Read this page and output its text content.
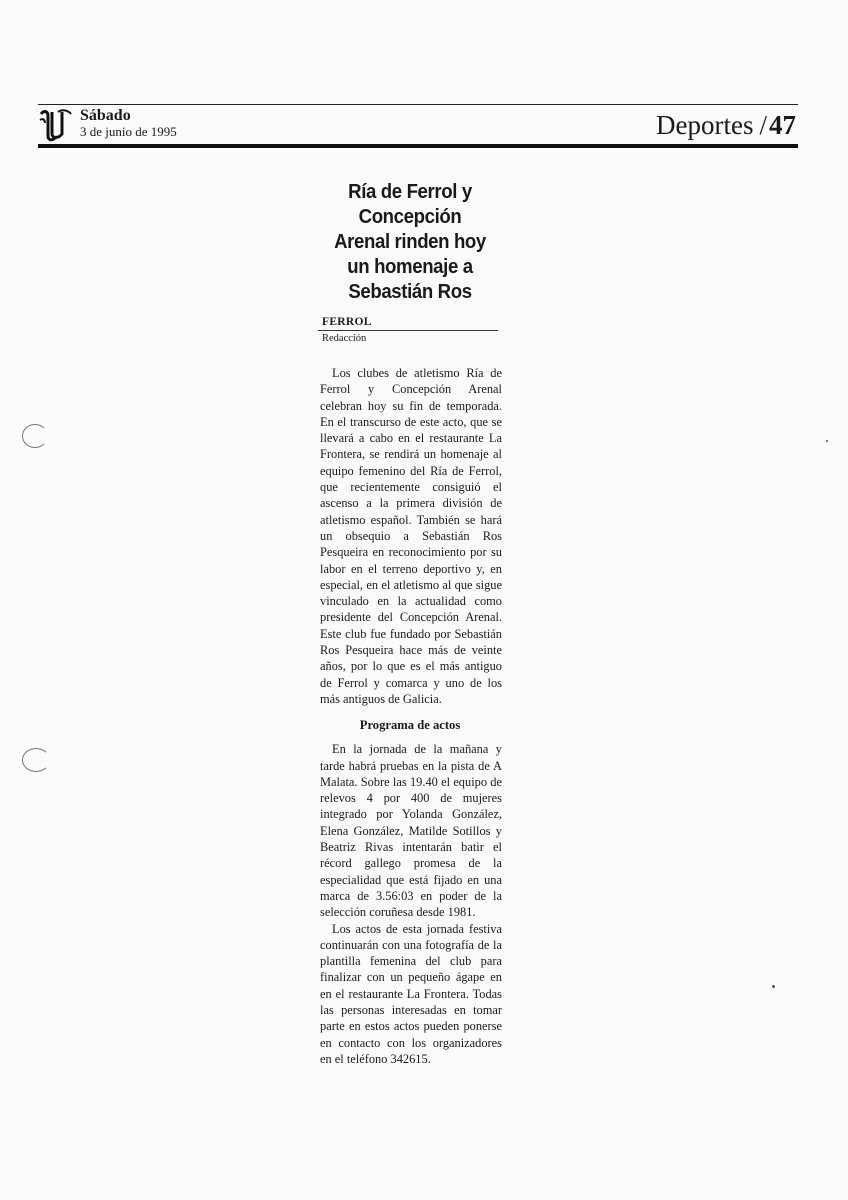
Sábado
3 de junio de 1995	Deportes /47
Ría de Ferrol y
Concepción
Arenal rinden hoy
un homenaje a
Sebastián Ros
FERROL
Redacción

Los clubes de atletismo Ría de Ferrol y Concepción Arenal celebran hoy su fin de temporada. En el transcurso de este acto, que se llevará a cabo en el restaurante La Frontera, se rendirá un homenaje al equipo femenino del Ría de Ferrol, que recientemente consiguió el ascenso a la primera división de atletismo español. También se hará un obsequio a Sebastián Ros Pesqueira en reconocimiento por su labor en el terreno deportivo y, en especial, en el atletismo al que sigue vinculado en la actualidad como presidente del Concepción Arenal. Este club fue fundado por Sebastián Ros Pesqueira hace más de veinte años, por lo que es el más antiguo de Ferrol y comarca y uno de los más antiguos de Galicia.

Programa de actos

En la jornada de la mañana y tarde habrá pruebas en la pista de A Malata. Sobre las 19.40 el equipo de relevos 4 por 400 de mujeres integrado por Yolanda González, Elena González, Matilde Sotillos y Beatriz Rivas intentarán batir el récord gallego promesa de la especialidad que está fijado en una marca de 3.56:03 en poder de la selección coruñesa desde 1981.

Los actos de esta jornada festiva continuarán con una fotografía de la plantilla femenina del club para finalizar con un pequeño ágape en en el restaurante La Frontera. Todas las personas interesadas en tomar parte en estos actos pueden ponerse en contacto con los organizadores en el teléfono 342615.
